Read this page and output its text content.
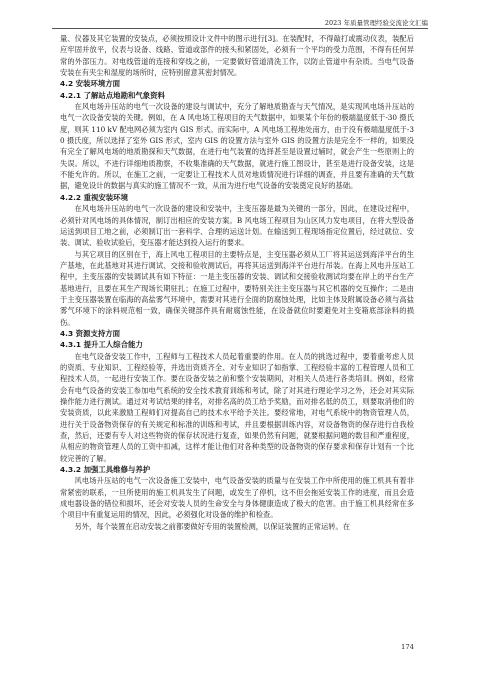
2023 年质量管理经验交流论文汇编

量、仪器及其它装置的安装点，必须按照设计文件中的图示进行[3]。在装配时，不得敲打或震动仪表，装配后应牢固并放平，仪表与设备、线路、管道或部件的接头和紧固处，必须有一个平均的受力范围，不得有任何异常的外部压力。对电线管道的连接和穿线之前，一定要做好管道清洗工作，以防止管道中有杂质。当电气设备安装在有夹尘和湿度的场所时，应特别留意其密封情况。

4.2 安装环境方面

4.2.1 了解站点地勘和气象资料

在风电场升压站的电气一次设备的建设与调试中，充分了解地质勘查与天气情况，是实现风电场升压站的电气一次设备安装的关键。例如，在 A 风电场工程项目的天气数据中，如果某个年份的极端温度低于-30 摄氏度，则其 110 kV 配电网必须为室内 GIS 形式。而实际中，A 风电场工程地处南方，由于没有极端温度低于-30 摄氏度，所以选择了室外 GIS 形式，室内 GIS 的设置方法与室外 GIS 的设置方法是完全不一样的，如果没有完全了解风电场的地质勘探和天气数据，在进行电气装置的选择甚至是设置过辅时，就会产生一些原则上的失误。所以，不进行详细地质勘察，不收集准确的天气数据，就进行施工图设计，甚至是进行设备安装，这是不能允许的。所以，在施工之前，一定要让工程技术人员对地质情况进行详细的调查，并且要有准确的天气数据，避免设计的数据与真实的施工情况不一致，从而为进行电气设备的安装奠定良好的基础。

4.2.2 重视安装环境

在风电场升压站的电气一次设备的建设和安装中，主变压器是最为关键的一部分，因此，在建设过程中，必须针对风电场的具体情况，制订出相应的安装方案。B 风电场工程项目为山区风力发电项目，在将大型设备运送到项目工地之前，必须制订出一套科学、合理的运送计划。在输送到工程现场指定位置后，经过就位、安装、调试、验收试验后，变压器才能达到投入运行的要求。

与其它项目的区别在于，海上风电工程项目的主要特点是，主变压器必须从工厂将其运送到海洋平台的生产基地，在此基地对其进行调试、交接和验收测试后，再将其运送到海洋平台进行吊装。在海上风电升压站工程中，主变压器的安装调试具有如下特征：一是主变压器的安装、调试和交接验收测试均要在岸上的平台生产基地进行，且要在其生产现场长期驻扎；在施工过程中，要特别关注主变压器与其它机器的交互操作；二是由于主变压器装置在临海的高盐雾气环境中，需要对其进行全面的防腐蚀处理，比如主体及附属设备必须与高盐雾气环境下的涂料规范相一致，确保关键部件具有耐腐蚀性能，在设备就位时要避免对主变箱底部涂料的损伤。

4.3 资源支持方面

4.3.1 提升工人综合能力

在电气设备安装工作中，工程师与工程技术人员起着重要的作用。在人员的挑选过程中，要着重考虑人员的资质、专业知识、工程经验等，并选出资质齐全、对专业知识了如指掌、工程经验丰富的工程管理人员和工程技术人员，一起进行安装工作。要在设备安装之前和整个安装期间，对相关人员进行各类培训。例如，经常会有电气设备的安装工参加电气系统的安全技术教育训练和考试，除了对其进行理论学习之外，还会对其实际操作能力进行测试。通过对考试结果的排名，对排名高的员工给予奖励，而对排名低的员工，则要取消他们的安装资质，以此来激励工程师们对提高自己的技术水平给予关注。要经常地，对电气系统中的物资管理人员，进行关于设备物资保存的有关规定和标准的训练和考试，并且要根据训练内容，对设备物资的保存进行自我检查，然后，还要有专人对这些物资的保存状况进行复查，如果仍然有问题，就要根据问题的数目和严重程度，从相应的物资管理人员的工资中扣减，这样才能让他们对各种类型的设备物资的保存要求和保存计划有一个比较完善的了解。

4.3.2 加强工具维修与养护

风电场升压站的电气一次设备施工安装中，电气设备安装的质量与在安装工作中所使用的施工机具有着非常紧密的联系，一旦所使用的施工机具发生了问题，或发生了停机，这不但会拖延安装工作的进度，而且会造成电器设备的错位和损坏，还会对安装人员的生命安全与身体健康造成了极大的危害。由于施工机具经常在多个项目中有重复运用的情况，因此，必须强化对设备的维护和检查。

另外，每个装置在启动安装之前都要做好专用的装置检测，以保证装置的正常运转。在

174
